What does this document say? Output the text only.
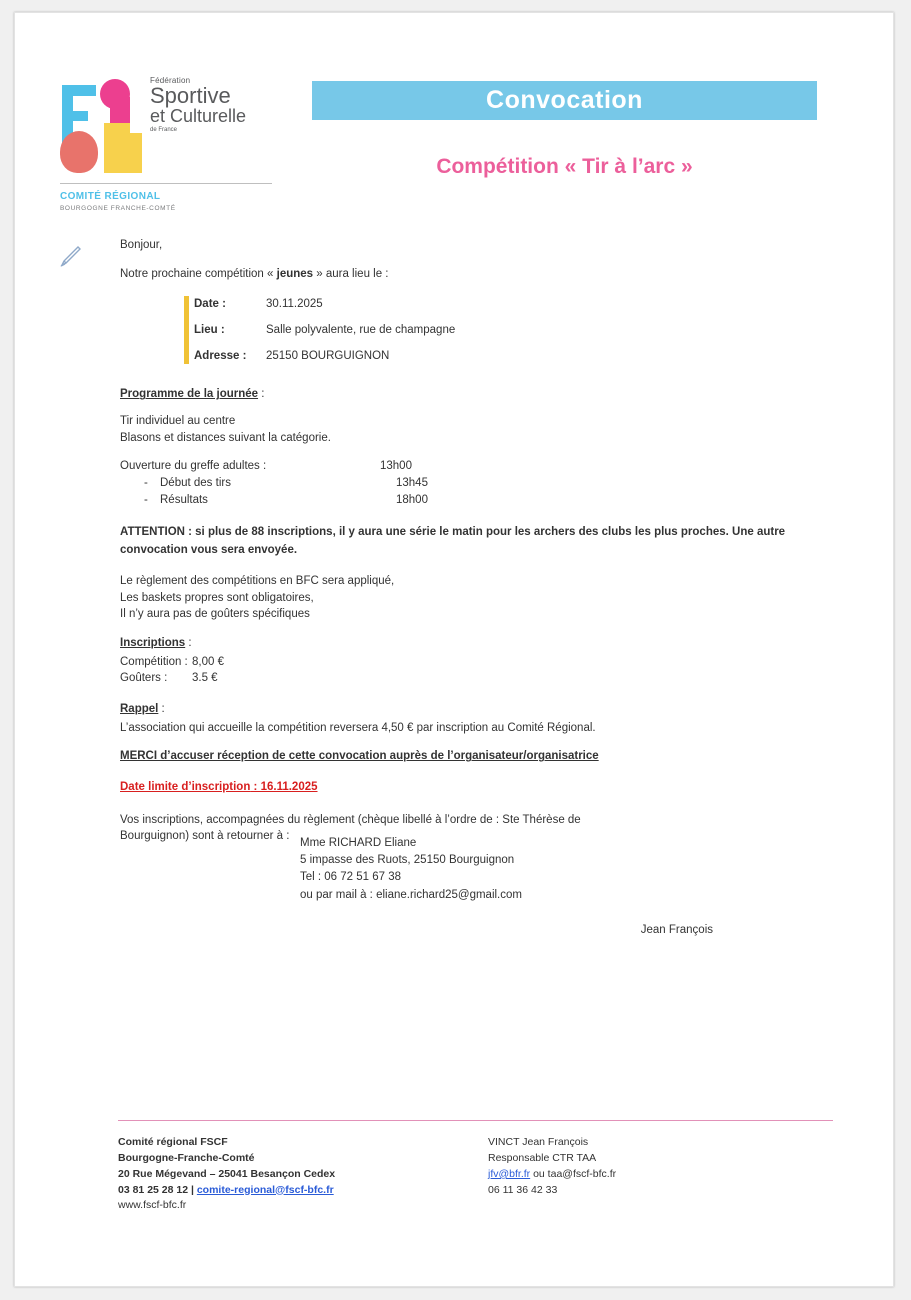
Fédération
Sportive
et Culturelle
de France
COMITÉ RÉGIONAL
BOURGOGNE FRANCHE-COMTÉ
Convocation
Compétition « Tir à l’arc »

Bonjour,

Notre prochaine compétition « jeunes » aura lieu le :

Date :	30.11.2025
Lieu :	Salle polyvalente, rue de champagne
Adresse :	25150 BOURGUIGNON

Programme de la journée :

Tir individuel au centre
Blasons et distances suivant la catégorie.

Ouverture du greffe adultes :	13h00
-	Début des tirs	13h45
-	Résultats	18h00

ATTENTION : si plus de 88 inscriptions, il y aura une série le matin pour les archers des clubs les plus proches. Une autre convocation vous sera envoyée.

Le règlement des compétitions en BFC sera appliqué,
Les baskets propres sont obligatoires,
Il n’y aura pas de goûters spécifiques

Inscriptions :

Compétition : 8,00 €
Goûters :	3.5 €

Rappel :

L’association qui accueille la compétition reversera 4,50 € par inscription au Comité Régional.

MERCI d’accuser réception de cette convocation auprès de l’organisateur/organisatrice

Date limite d’inscription : 16.11.2025

Vos inscriptions, accompagnées du règlement (chèque libellé à l’ordre de : Ste Thérèse de
Bourguignon) sont à retourner à :

Mme RICHARD Eliane
5 impasse des Ruots, 25150 Bourguignon
Tel : 06 72 51 67 38
ou par mail à : eliane.richard25@gmail.com
Jean François
Comité régional FSCF
Bourgogne-Franche-Comté
20 Rue Mégevand – 25041 Besançon Cedex
03 81 25 28 12 | comite-regional@fscf-bfc.fr
www.fscf-bfc.fr
VINCT Jean François
Responsable CTR TAA
jfv@bfr.fr ou taa@fscf-bfc.fr
06 11 36 42 33
